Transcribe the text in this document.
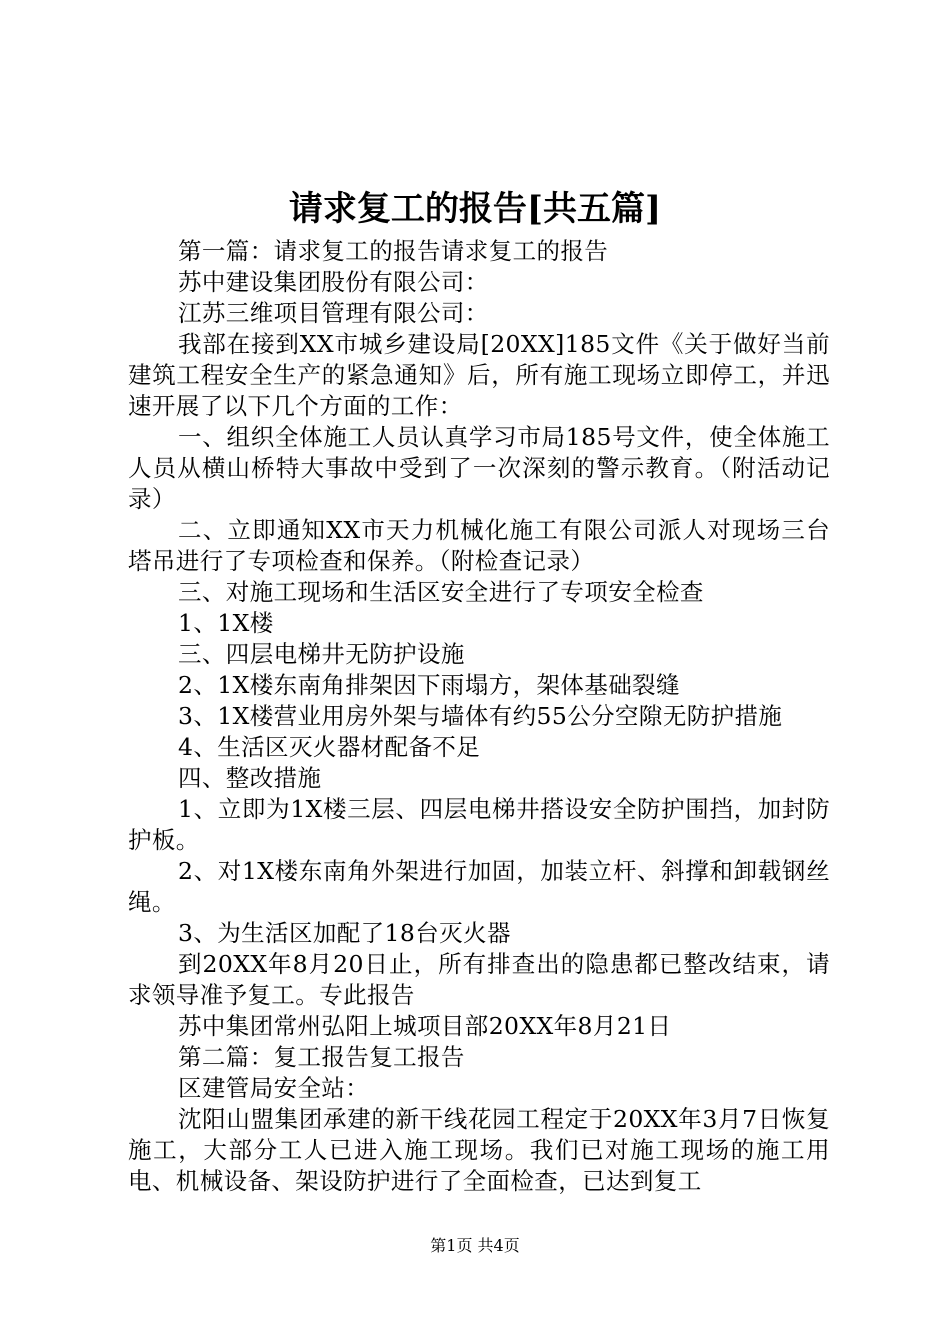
请求复工的报告[共五篇]

第一篇：请求复工的报告请求复工的报告

苏中建设集团股份有限公司：

江苏三维项目管理有限公司：

我部在接到XX市城乡建设局[20XX]185文件《关于做好当前建筑工程安全生产的紧急通知》后，所有施工现场立即停工，并迅速开展了以下几个方面的工作：

一、组织全体施工人员认真学习市局185号文件，使全体施工人员从横山桥特大事故中受到了一次深刻的警示教育。（附活动记录）

二、立即通知XX市天力机械化施工有限公司派人对现场三台塔吊进行了专项检查和保养。（附检查记录）

三、对施工现场和生活区安全进行了专项安全检查

1、1X楼

三、四层电梯井无防护设施

2、1X楼东南角排架因下雨塌方，架体基础裂缝

3、1X楼营业用房外架与墙体有约55公分空隙无防护措施

4、生活区灭火器材配备不足

四、整改措施

1、立即为1X楼三层、四层电梯井搭设安全防护围挡，加封防护板。

2、对1X楼东南角外架进行加固，加装立杆、斜撑和卸载钢丝绳。

3、为生活区加配了18台灭火器

到20XX年8月20日止，所有排查出的隐患都已整改结束，请求领导准予复工。专此报告

苏中集团常州弘阳上城项目部20XX年8月21日

第二篇：复工报告复工报告

区建管局安全站：

沈阳山盟集团承建的新干线花园工程定于20XX年3月7日恢复施工，大部分工人已进入施工现场。我们已对施工现场的施工用电、机械设备、架设防护进行了全面检查，已达到复工

第1页 共4页
